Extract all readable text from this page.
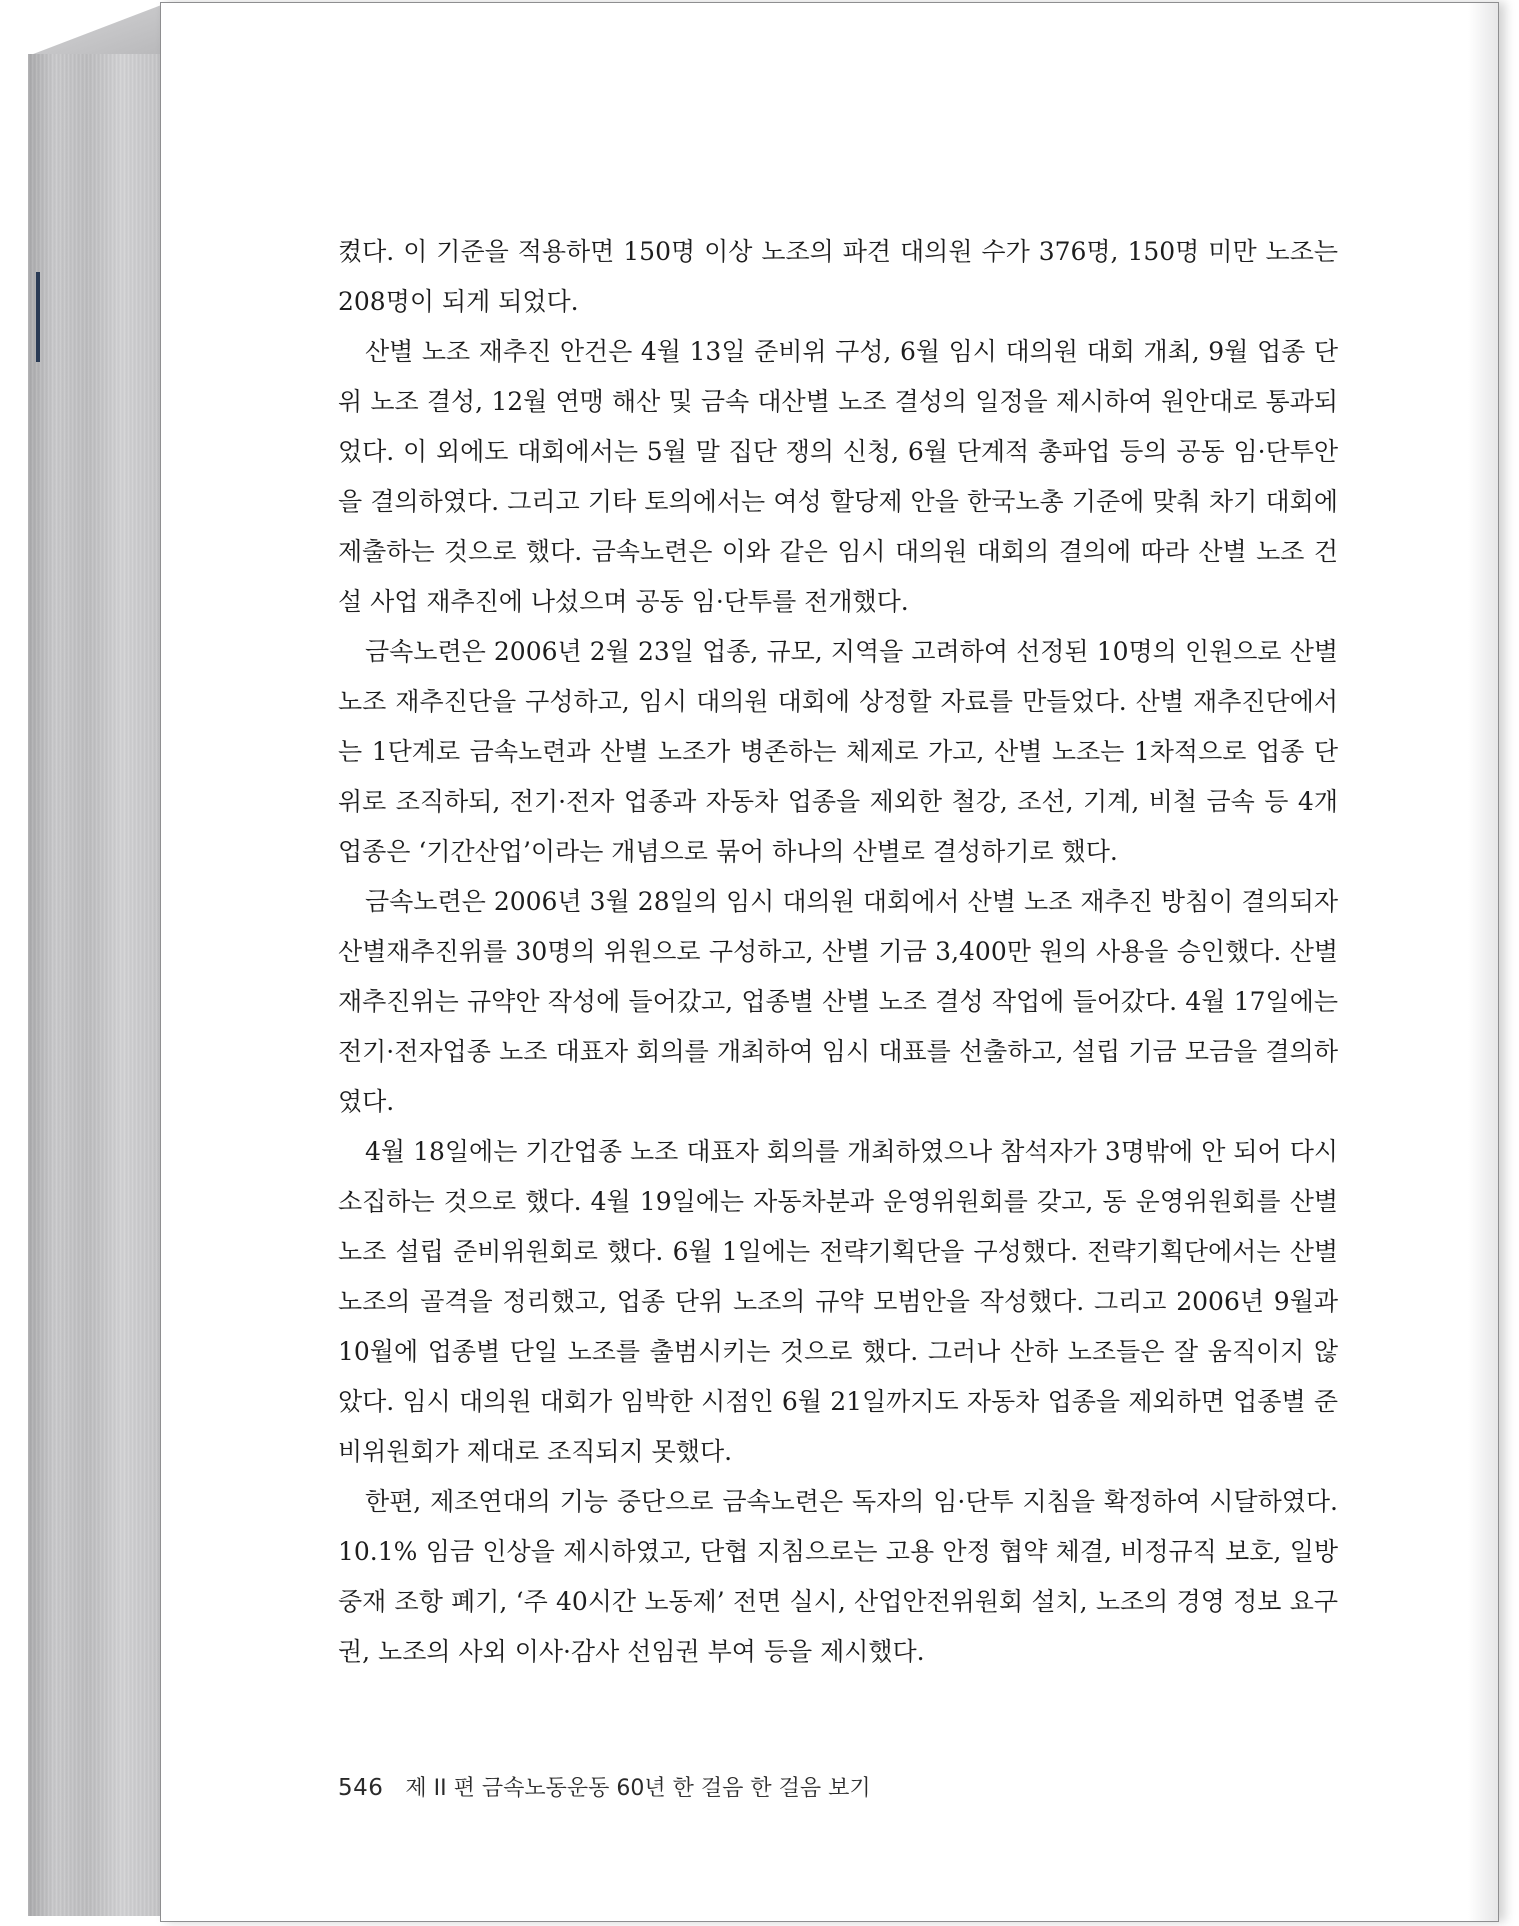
켰다. 이 기준을 적용하면 150명 이상 노조의 파견 대의원 수가 376명, 150명 미만 노조는 208명이 되게 되었다.

산별 노조 재추진 안건은 4월 13일 준비위 구성, 6월 임시 대의원 대회 개최, 9월 업종 단위 노조 결성, 12월 연맹 해산 및 금속 대산별 노조 결성의 일정을 제시하여 원안대로 통과되었다. 이 외에도 대회에서는 5월 말 집단 쟁의 신청, 6월 단계적 총파업 등의 공동 임·단투안을 결의하였다. 그리고 기타 토의에서는 여성 할당제 안을 한국노총 기준에 맞춰 차기 대회에 제출하는 것으로 했다. 금속노련은 이와 같은 임시 대의원 대회의 결의에 따라 산별 노조 건설 사업 재추진에 나섰으며 공동 임·단투를 전개했다.

금속노련은 2006년 2월 23일 업종, 규모, 지역을 고려하여 선정된 10명의 인원으로 산별 노조 재추진단을 구성하고, 임시 대의원 대회에 상정할 자료를 만들었다. 산별 재추진단에서는 1단계로 금속노련과 산별 노조가 병존하는 체제로 가고, 산별 노조는 1차적으로 업종 단위로 조직하되, 전기·전자 업종과 자동차 업종을 제외한 철강, 조선, 기계, 비철 금속 등 4개 업종은 ‘기간산업’이라는 개념으로 묶어 하나의 산별로 결성하기로 했다.

금속노련은 2006년 3월 28일의 임시 대의원 대회에서 산별 노조 재추진 방침이 결의되자 산별재추진위를 30명의 위원으로 구성하고, 산별 기금 3,400만 원의 사용을 승인했다. 산별재추진위는 규약안 작성에 들어갔고, 업종별 산별 노조 결성 작업에 들어갔다. 4월 17일에는 전기·전자업종 노조 대표자 회의를 개최하여 임시 대표를 선출하고, 설립 기금 모금을 결의하였다.

4월 18일에는 기간업종 노조 대표자 회의를 개최하였으나 참석자가 3명밖에 안 되어 다시 소집하는 것으로 했다. 4월 19일에는 자동차분과 운영위원회를 갖고, 동 운영위원회를 산별 노조 설립 준비위원회로 했다. 6월 1일에는 전략기획단을 구성했다. 전략기획단에서는 산별 노조의 골격을 정리했고, 업종 단위 노조의 규약 모범안을 작성했다. 그리고 2006년 9월과 10월에 업종별 단일 노조를 출범시키는 것으로 했다. 그러나 산하 노조들은 잘 움직이지 않았다. 임시 대의원 대회가 임박한 시점인 6월 21일까지도 자동차 업종을 제외하면 업종별 준비위원회가 제대로 조직되지 못했다.

한편, 제조연대의 기능 중단으로 금속노련은 독자의 임·단투 지침을 확정하여 시달하였다. 10.1% 임금 인상을 제시하였고, 단협 지침으로는 고용 안정 협약 체결, 비정규직 보호, 일방 중재 조항 폐기, ‘주 40시간 노동제’ 전면 실시, 산업안전위원회 설치, 노조의 경영 정보 요구권, 노조의 사외 이사·감사 선임권 부여 등을 제시했다.

546 제 II 편 금속노동운동 60년 한 걸음 한 걸음 보기
